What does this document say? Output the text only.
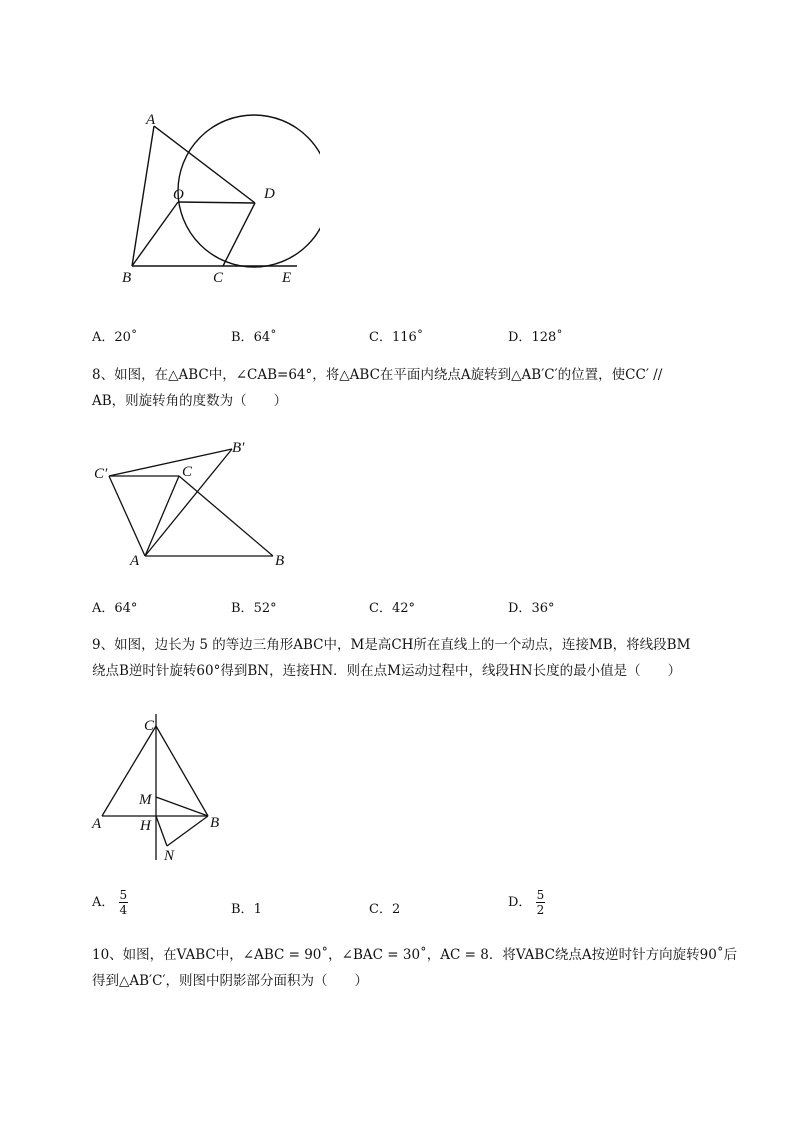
A
O	D
B	C	E
A．20˚	B．64˚	C．116˚	D．128˚
8、如图，在△ABC中，∠CAB=64°，将△ABC在平面内绕点A旋转到△AB′C′的位置，使CC′ //
AB，则旋转角的度数为（　　）
C′	C
B′
A	B
A．64°	B．52°	C．42°	D．36°
9、如图，边长为 5 的等边三角形ABC中，M是高CH所在直线上的一个动点，连接MB，将线段BM
绕点B逆时针旋转60°得到BN，连接HN．则在点M运动过程中，线段HN长度的最小值是（　　）
C
M
A	H	B
N
A． $\frac{5}{4}$	B．1	C．2	D． $\frac{5}{2}$
10、如图，在VABC中，∠ABC = 90˚，∠BAC = 30˚，AC = 8．将VABC绕点A按逆时针方向旋转90˚后
得到△AB′C′，则图中阴影部分面积为（　　）
